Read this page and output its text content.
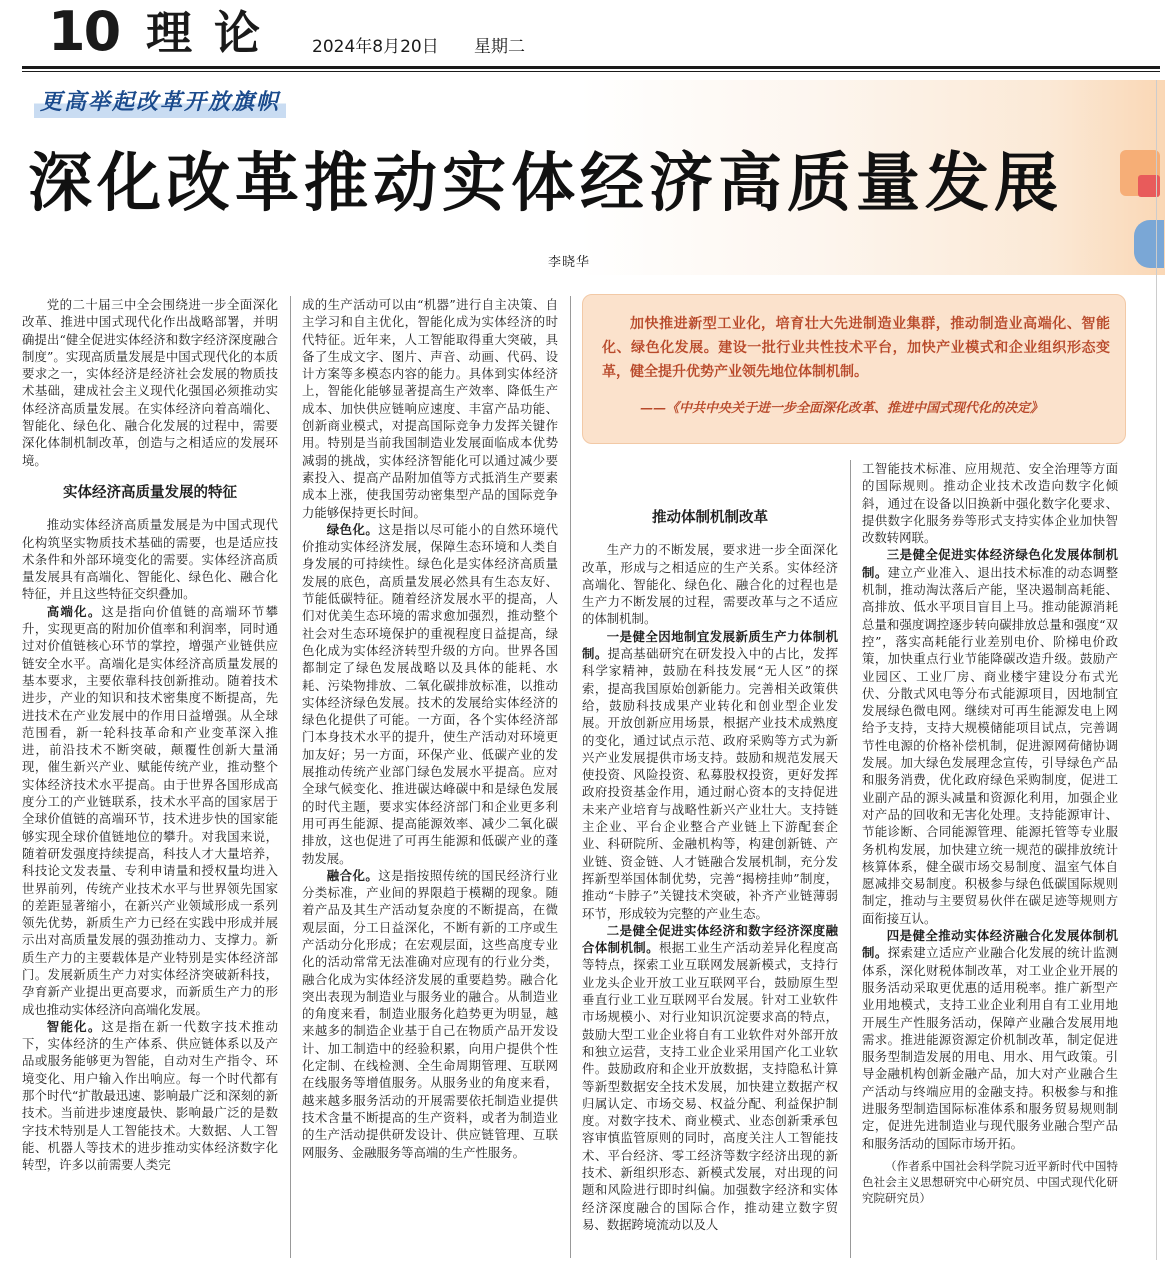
10 理论 2024年8月20日 星期二
更高举起改革开放旗帜
深化改革推动实体经济高质量发展
李晓华

党的二十届三中全会围绕进一步全面深化改革、推进中国式现代化作出战略部署，并明确提出“健全促进实体经济和数字经济深度融合制度”。实现高质量发展是中国式现代化的本质要求之一，实体经济是经济社会发展的物质技术基础，建成社会主义现代化强国必须推动实体经济高质量发展。在实体经济向着高端化、智能化、绿色化、融合化发展的过程中，需要深化体制机制改革，创造与之相适应的发展环境。

实体经济高质量发展的特征

推动实体经济高质量发展是为中国式现代化构筑坚实物质技术基础的需要，也是适应技术条件和外部环境变化的需要。实体经济高质量发展具有高端化、智能化、绿色化、融合化特征，并且这些特征交织叠加。

高端化。这是指向价值链的高端环节攀升，实现更高的附加价值率和利润率，同时通过对价值链核心环节的掌控，增强产业链供应链安全水平。高端化是实体经济高质量发展的基本要求，主要依靠科技创新推动。随着技术进步，产业的知识和技术密集度不断提高，先进技术在产业发展中的作用日益增强。从全球范围看，新一轮科技革命和产业变革深入推进，前沿技术不断突破，颠覆性创新大量涌现，催生新兴产业、赋能传统产业，推动整个实体经济技术水平提高。由于世界各国形成高度分工的产业链联系，技术水平高的国家居于全球价值链的高端环节，技术进步快的国家能够实现全球价值链地位的攀升。对我国来说，随着研发强度持续提高，科技人才大量培养，科技论文发表量、专利申请量和授权量均进入世界前列，传统产业技术水平与世界领先国家的差距显著缩小，在新兴产业领域形成一系列领先优势，新质生产力已经在实践中形成并展示出对高质量发展的强劲推动力、支撑力。新质生产力的主要载体是产业特别是实体经济部门。发展新质生产力对实体经济突破新科技，孕育新产业提出更高要求，而新质生产力的形成也推动实体经济向高端化发展。

智能化。这是指在新一代数字技术推动下，实体经济的生产体系、供应链体系以及产品或服务能够更为智能，自动对生产指令、环境变化、用户输入作出响应。每一个时代都有那个时代“扩散最迅速、影响最广泛和深刻的新技术。当前进步速度最快、影响最广泛的是数字技术特别是人工智能技术。大数据、人工智能、机器人等技术的进步推动实体经济数字化转型，许多以前需要人类完

成的生产活动可以由“机器”进行自主决策、自主学习和自主优化，智能化成为实体经济的时代特征。近年来，人工智能取得重大突破，具备了生成文字、图片、声音、动画、代码、设计方案等多模态内容的能力。具体到实体经济上，智能化能够显著提高生产效率、降低生产成本、加快供应链响应速度、丰富产品功能、创新商业模式，对提高国际竞争力发挥关键作用。特别是当前我国制造业发展面临成本优势减弱的挑战，实体经济智能化可以通过减少要素投入、提高产品附加值等方式抵消生产要素成本上涨，使我国劳动密集型产品的国际竞争力能够保持更长时间。

绿色化。这是指以尽可能小的自然环境代价推动实体经济发展，保障生态环境和人类自身发展的可持续性。绿色化是实体经济高质量发展的底色，高质量发展必然具有生态友好、节能低碳特征。随着经济发展水平的提高，人们对优美生态环境的需求愈加强烈，推动整个社会对生态环境保护的重视程度日益提高，绿色化成为实体经济转型升级的方向。世界各国都制定了绿色发展战略以及具体的能耗、水耗、污染物排放、二氧化碳排放标准，以推动实体经济绿色发展。技术的发展给实体经济的绿色化提供了可能。一方面，各个实体经济部门本身技术水平的提升，使生产活动对环境更加友好；另一方面，环保产业、低碳产业的发展推动传统产业部门绿色发展水平提高。应对全球气候变化、推进碳达峰碳中和是绿色发展的时代主题，要求实体经济部门和企业更多利用可再生能源、提高能源效率、减少二氧化碳排放，这也促进了可再生能源和低碳产业的蓬勃发展。

融合化。这是指按照传统的国民经济行业分类标准，产业间的界限趋于模糊的现象。随着产品及其生产活动复杂度的不断提高，在微观层面，分工日益深化，不断有新的工序或生产活动分化形成；在宏观层面，这些高度专业化的活动常常无法准确对应现有的行业分类，融合化成为实体经济发展的重要趋势。融合化突出表现为制造业与服务业的融合。从制造业的角度来看，制造业服务化趋势更为明显，越来越多的制造企业基于自己在物质产品开发设计、加工制造中的经验积累，向用户提供个性化定制、在线检测、全生命周期管理、互联网在线服务等增值服务。从服务业的角度来看，越来越多服务活动的开展需要依托制造业提供技术含量不断提高的生产资料，或者为制造业的生产活动提供研发设计、供应链管理、互联网服务、金融服务等高端的生产性服务。

加快推进新型工业化，培育壮大先进制造业集群，推动制造业高端化、智能化、绿色化发展。建设一批行业共性技术平台，加快产业模式和企业组织形态变革，健全提升优势产业领先地位体制机制。
——《中共中央关于进一步全面深化改革、推进中国式现代化的决定》

推动体制机制改革

生产力的不断发展，要求进一步全面深化改革，形成与之相适应的生产关系。实体经济高端化、智能化、绿色化、融合化的过程也是生产力不断发展的过程，需要改革与之不适应的体制机制。

一是健全因地制宜发展新质生产力体制机制。提高基础研究在研发投入中的占比，发挥科学家精神，鼓励在科技发展“无人区”的探索，提高我国原始创新能力。完善相关政策供给，鼓励科技成果产业转化和创业型企业发展。开放创新应用场景，根据产业技术成熟度的变化，通过试点示范、政府采购等方式为新兴产业发展提供市场支持。鼓励和规范发展天使投资、风险投资、私募股权投资，更好发挥政府投资基金作用，通过耐心资本的支持促进未来产业培育与战略性新兴产业壮大。支持链主企业、平台企业整合产业链上下游配套企业、科研院所、金融机构等，构建创新链、产业链、资金链、人才链融合发展机制，充分发挥新型举国体制优势，完善“揭榜挂帅”制度，推动“卡脖子”关键技术突破，补齐产业链薄弱环节，形成较为完整的产业生态。

二是健全促进实体经济和数字经济深度融合体制机制。根据工业生产活动差异化程度高等特点，探索工业互联网发展新模式，支持行业龙头企业开放工业互联网平台，鼓励原生型垂直行业工业互联网平台发展。针对工业软件市场规模小、对行业知识沉淀要求高的特点，鼓励大型工业企业将自有工业软件对外部开放和独立运营，支持工业企业采用国产化工业软件。鼓励政府和企业开放数据，支持隐私计算等新型数据安全技术发展，加快建立数据产权归属认定、市场交易、权益分配、利益保护制度。对数字技术、商业模式、业态创新秉承包容审慎监管原则的同时，高度关注人工智能技术、平台经济、零工经济等数字经济出现的新技术、新组织形态、新模式发展，对出现的问题和风险进行即时纠偏。加强数字经济和实体经济深度融合的国际合作，推动建立数字贸易、数据跨境流动以及人

工智能技术标准、应用规范、安全治理等方面的国际规则。推动企业技术改造向数字化倾斜，通过在设备以旧换新中强化数字化要求、提供数字化服务券等形式支持实体企业加快智改数转网联。

三是健全促进实体经济绿色化发展体制机制。建立产业准入、退出技术标准的动态调整机制，推动淘汰落后产能，坚决遏制高耗能、高排放、低水平项目盲目上马。推动能源消耗总量和强度调控逐步转向碳排放总量和强度“双控”，落实高耗能行业差别电价、阶梯电价政策，加快重点行业节能降碳改造升级。鼓励产业园区、工业厂房、商业楼宇建设分布式光伏、分散式风电等分布式能源项目，因地制宜发展绿色微电网。继续对可再生能源发电上网给予支持，支持大规模储能项目试点，完善调节性电源的价格补偿机制，促进源网荷储协调发展。加大绿色发展理念宣传，引导绿色产品和服务消费，优化政府绿色采购制度，促进工业副产品的源头减量和资源化利用，加强企业对产品的回收和无害化处理。支持能源审计、节能诊断、合同能源管理、能源托管等专业服务机构发展，加快建立统一规范的碳排放统计核算体系，健全碳市场交易制度、温室气体自愿减排交易制度。积极参与绿色低碳国际规则制定，推动与主要贸易伙伴在碳足迹等规则方面衔接互认。

四是健全推动实体经济融合化发展体制机制。探索建立适应产业融合化发展的统计监测体系，深化财税体制改革，对工业企业开展的服务活动采取更优惠的适用税率。推广新型产业用地模式，支持工业企业利用自有工业用地开展生产性服务活动，保障产业融合发展用地需求。推进能源资源定价机制改革，制定促进服务型制造发展的用电、用水、用气政策。引导金融机构创新金融产品，加大对产业融合生产活动与终端应用的金融支持。积极参与和推进服务型制造国际标准体系和服务贸易规则制定，促进先进制造业与现代服务业融合型产品和服务活动的国际市场开拓。

（作者系中国社会科学院习近平新时代中国特色社会主义思想研究中心研究员、中国式现代化研究院研究员）
